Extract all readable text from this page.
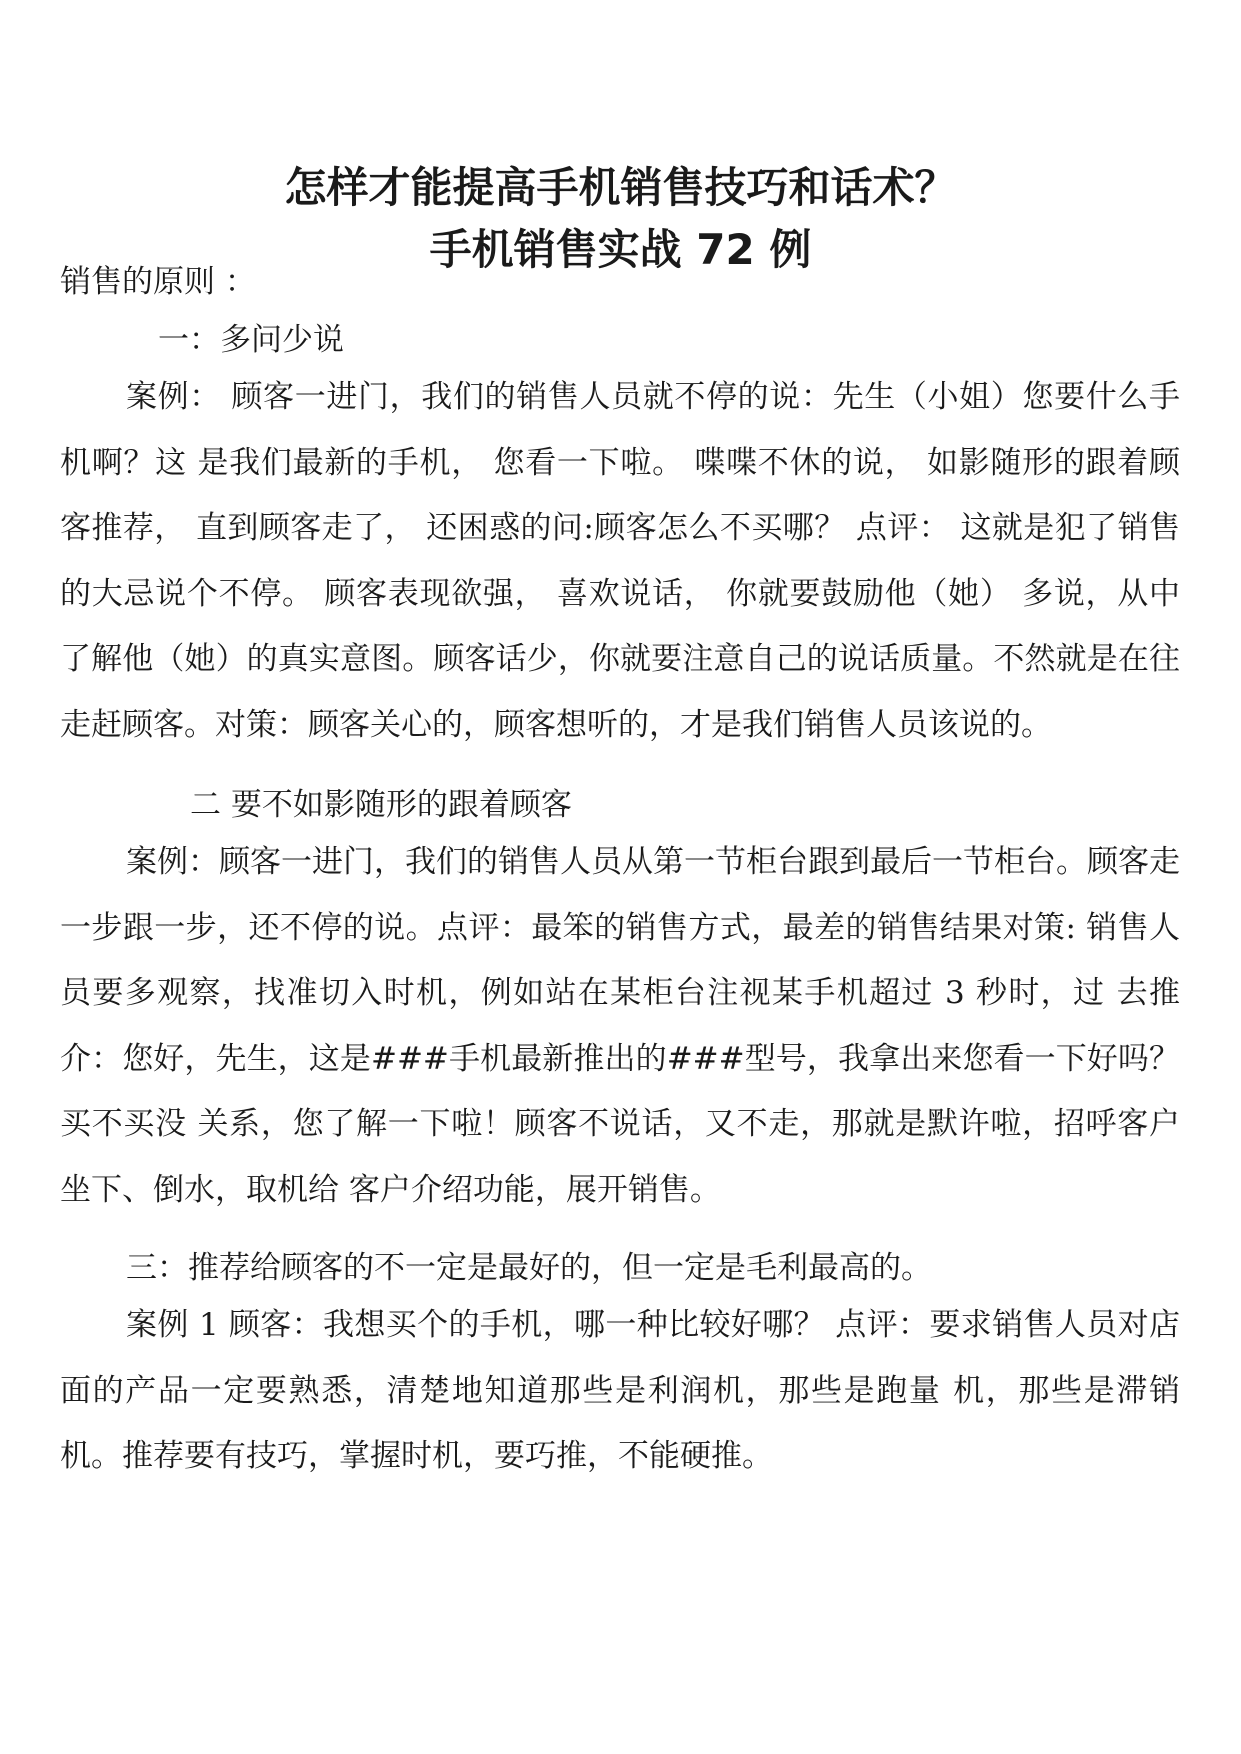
怎样才能提高手机销售技巧和话术？
手机销售实战 72 例
销售的原则 ：
一：多问少说
案例： 顾客一进门，我们的销售人员就不停的说：先生（小姐）您要什么手机啊？这 是我们最新的手机， 您看一下啦。 喋喋不休的说， 如影随形的跟着顾客推荐， 直到顾客走了， 还困惑的问:顾客怎么不买哪？ 点评： 这就是犯了销售的大忌说个不停。 顾客表现欲强， 喜欢说话， 你就要鼓励他（她） 多说，从中了解他（她）的真实意图。顾客话少，你就要注意自己的说话质量。不然就是在往走赶顾客。对策：顾客关心的，顾客想听的，才是我们销售人员该说的。
二 要不如影随形的跟着顾客
案例：顾客一进门，我们的销售人员从第一节柜台跟到最后一节柜台。顾客走一步跟一步，还不停的说。点评：最笨的销售方式，最差的销售结果对策: 销售人员要多观察，找准切入时机，例如站在某柜台注视某手机超过 3 秒时，过 去推介：您好，先生，这是###手机最新推出的###型号，我拿出来您看一下好吗？买不买没 关系，您了解一下啦！顾客不说话，又不走，那就是默许啦，招呼客户坐下、倒水，取机给 客户介绍功能，展开销售。
三：推荐给顾客的不一定是最好的，但一定是毛利最高的。
案例 1 顾客：我想买个的手机，哪一种比较好哪？ 点评：要求销售人员对店面的产品一定要熟悉，清楚地知道那些是利润机，那些是跑量 机，那些是滞销机。推荐要有技巧，掌握时机，要巧推，不能硬推。
